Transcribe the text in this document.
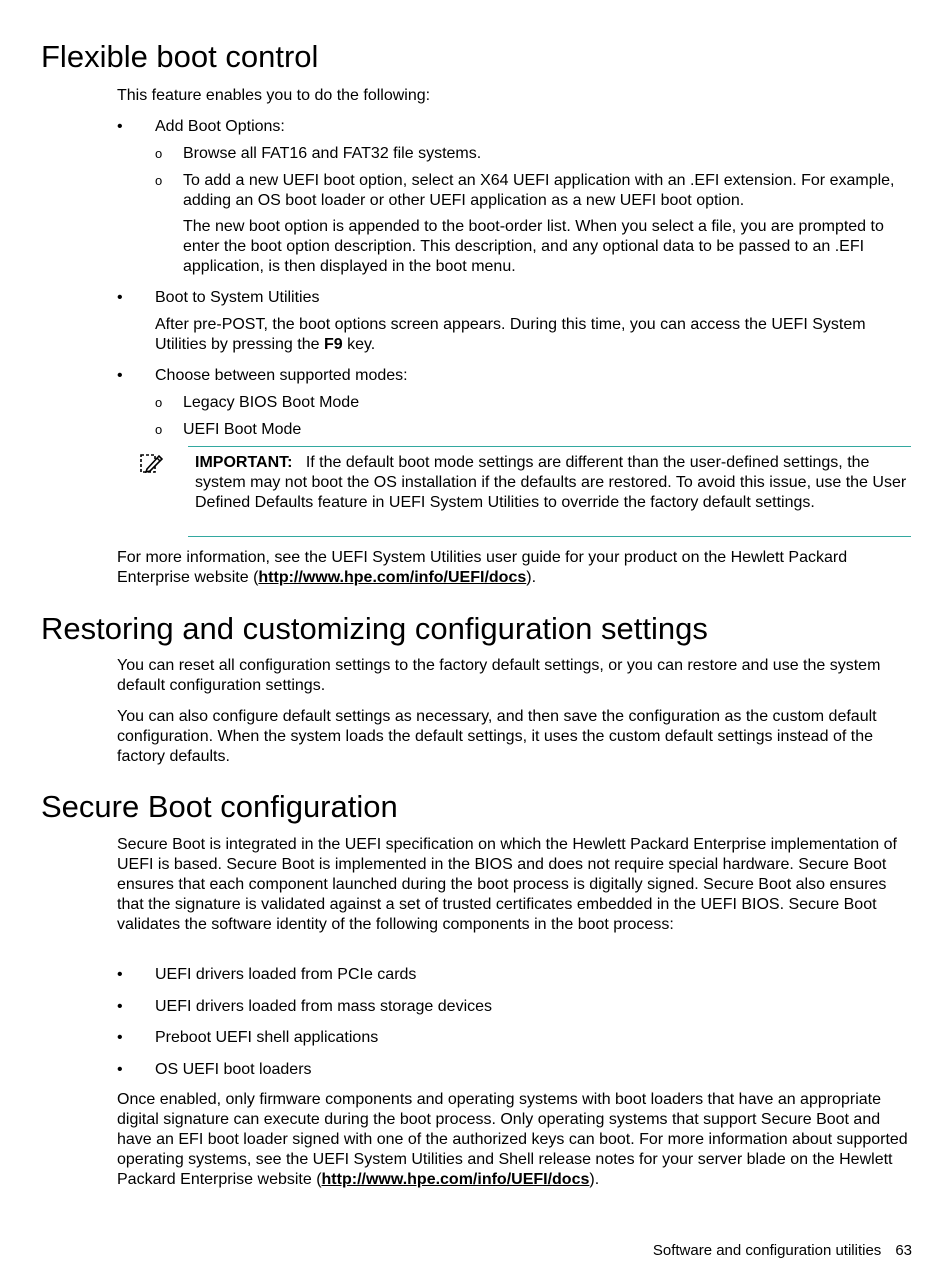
Flexible boot control

This feature enables you to do the following:

• Add Boot Options:
o Browse all FAT16 and FAT32 file systems.
o To add a new UEFI boot option, select an X64 UEFI application with an .EFI extension. For example, adding an OS boot loader or other UEFI application as a new UEFI boot option.
The new boot option is appended to the boot-order list. When you select a file, you are prompted to enter the boot option description. This description, and any optional data to be passed to an .EFI application, is then displayed in the boot menu.
• Boot to System Utilities
After pre-POST, the boot options screen appears. During this time, you can access the UEFI System Utilities by pressing the F9 key.
• Choose between supported modes:
o Legacy BIOS Boot Mode
o UEFI Boot Mode
IMPORTANT: If the default boot mode settings are different than the user-defined settings, the system may not boot the OS installation if the defaults are restored. To avoid this issue, use the User Defined Defaults feature in UEFI System Utilities to override the factory default settings.

For more information, see the UEFI System Utilities user guide for your product on the Hewlett Packard Enterprise website (http://www.hpe.com/info/UEFI/docs).

Restoring and customizing configuration settings

You can reset all configuration settings to the factory default settings, or you can restore and use the system default configuration settings.

You can also configure default settings as necessary, and then save the configuration as the custom default configuration. When the system loads the default settings, it uses the custom default settings instead of the factory defaults.

Secure Boot configuration

Secure Boot is integrated in the UEFI specification on which the Hewlett Packard Enterprise implementation of UEFI is based. Secure Boot is implemented in the BIOS and does not require special hardware. Secure Boot ensures that each component launched during the boot process is digitally signed. Secure Boot also ensures that the signature is validated against a set of trusted certificates embedded in the UEFI BIOS. Secure Boot validates the software identity of the following components in the boot process:

• UEFI drivers loaded from PCIe cards
• UEFI drivers loaded from mass storage devices
• Preboot UEFI shell applications
• OS UEFI boot loaders

Once enabled, only firmware components and operating systems with boot loaders that have an appropriate digital signature can execute during the boot process. Only operating systems that support Secure Boot and have an EFI boot loader signed with one of the authorized keys can boot. For more information about supported operating systems, see the UEFI System Utilities and Shell release notes for your server blade on the Hewlett Packard Enterprise website (http://www.hpe.com/info/UEFI/docs).

Software and configuration utilities 63
